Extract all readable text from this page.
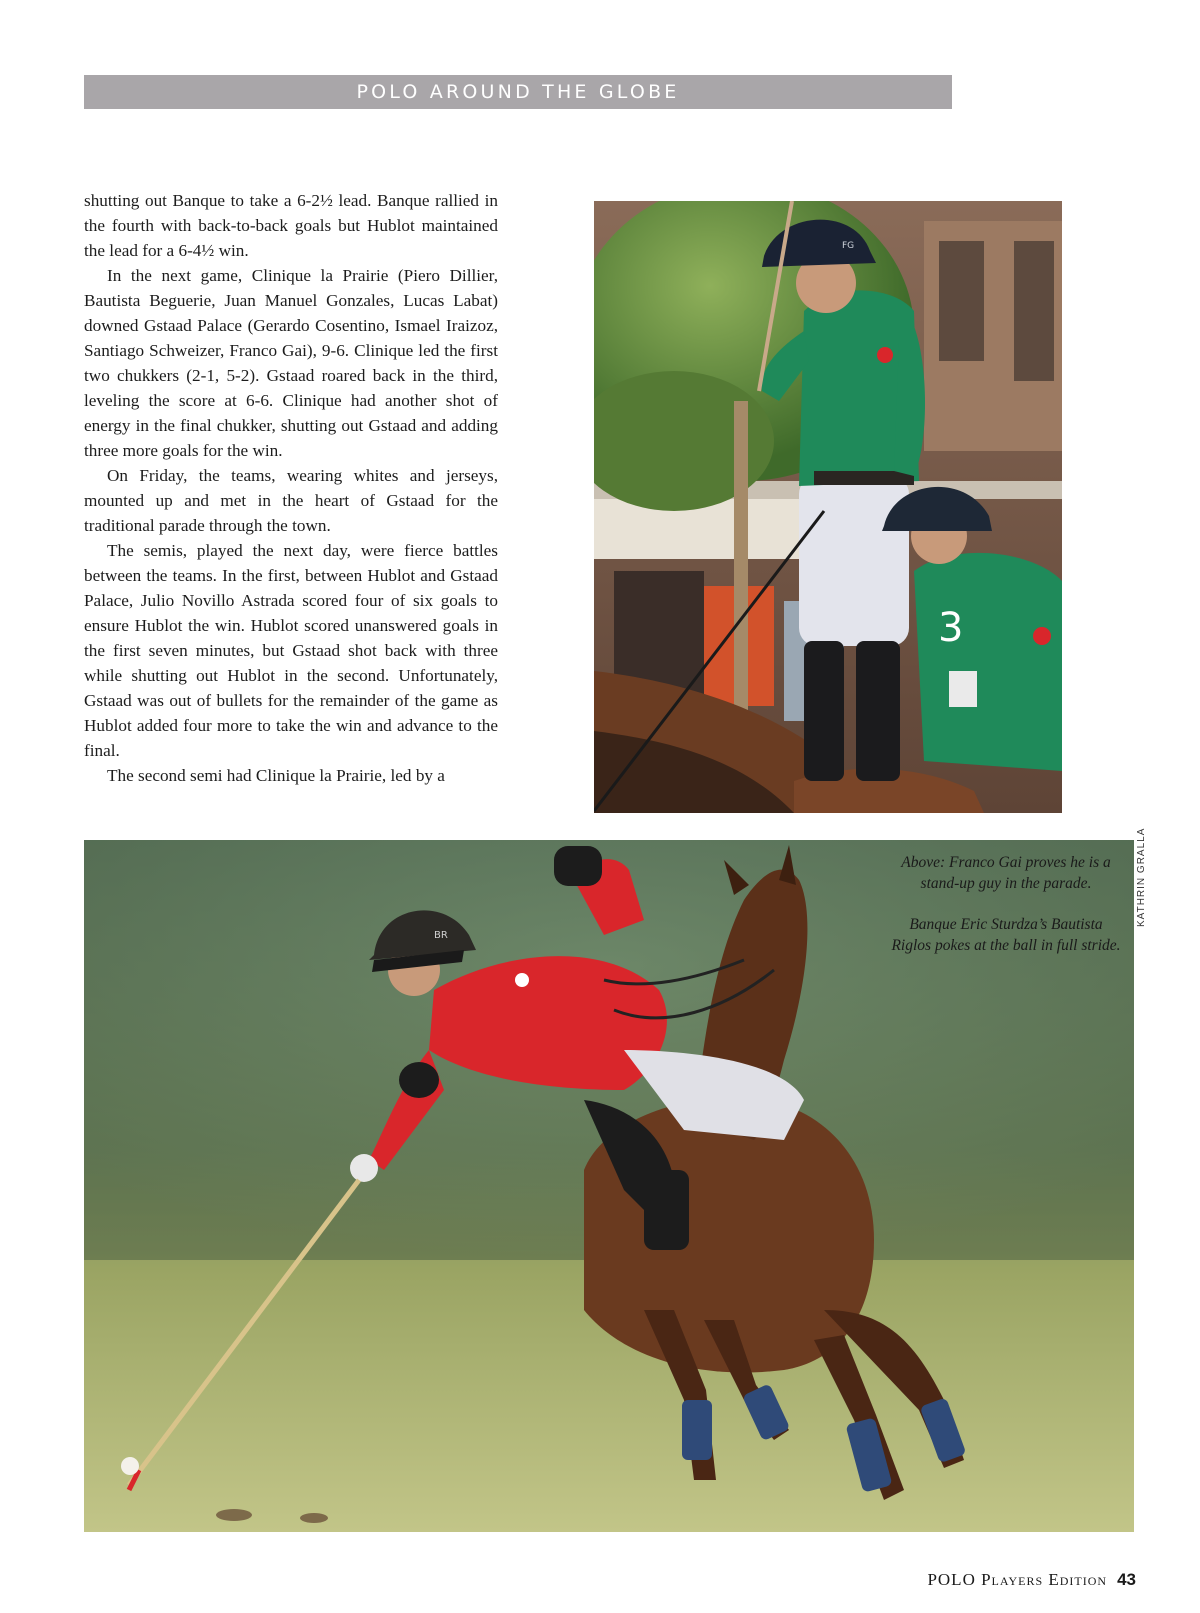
POLO AROUND THE GLOBE

shutting out Banque to take a 6-2½ lead. Banque rallied in the fourth with back-to-back goals but Hublot maintained the lead for a 6-4½ win.

In the next game, Clinique la Prairie (Piero Dillier, Bautista Beguerie, Juan Manuel Gonzales, Lucas Labat) downed Gstaad Palace (Gerardo Cosentino, Ismael Iraizoz, Santiago Schweizer, Franco Gai), 9-6. Clinique led the first two chukkers (2-1, 5-2). Gstaad roared back in the third, leveling the score at 6-6. Clinique had another shot of energy in the final chukker, shutting out Gstaad and adding three more goals for the win.

On Friday, the teams, wearing whites and jerseys, mounted up and met in the heart of Gstaad for the traditional parade through the town.

The semis, played the next day, were fierce battles between the teams. In the first, between Hublot and Gstaad Palace, Julio Novillo Astrada scored four of six goals to ensure Hublot the win. Hublot scored unanswered goals in the first seven minutes, but Gstaad shot back with three while shutting out Hublot in the second. Unfortunately, Gstaad was out of bullets for the remainder of the game as Hublot added four more to take the win and advance to the final.

The second semi had Clinique la Prairie, led by a

FG
3
BR

Above: Franco Gai proves he is a stand-up guy in the parade.

Banque Eric Sturdza’s Bautista Riglos pokes at the ball in full stride.

KATHRIN GRALLA
POLO Players Edition 43
